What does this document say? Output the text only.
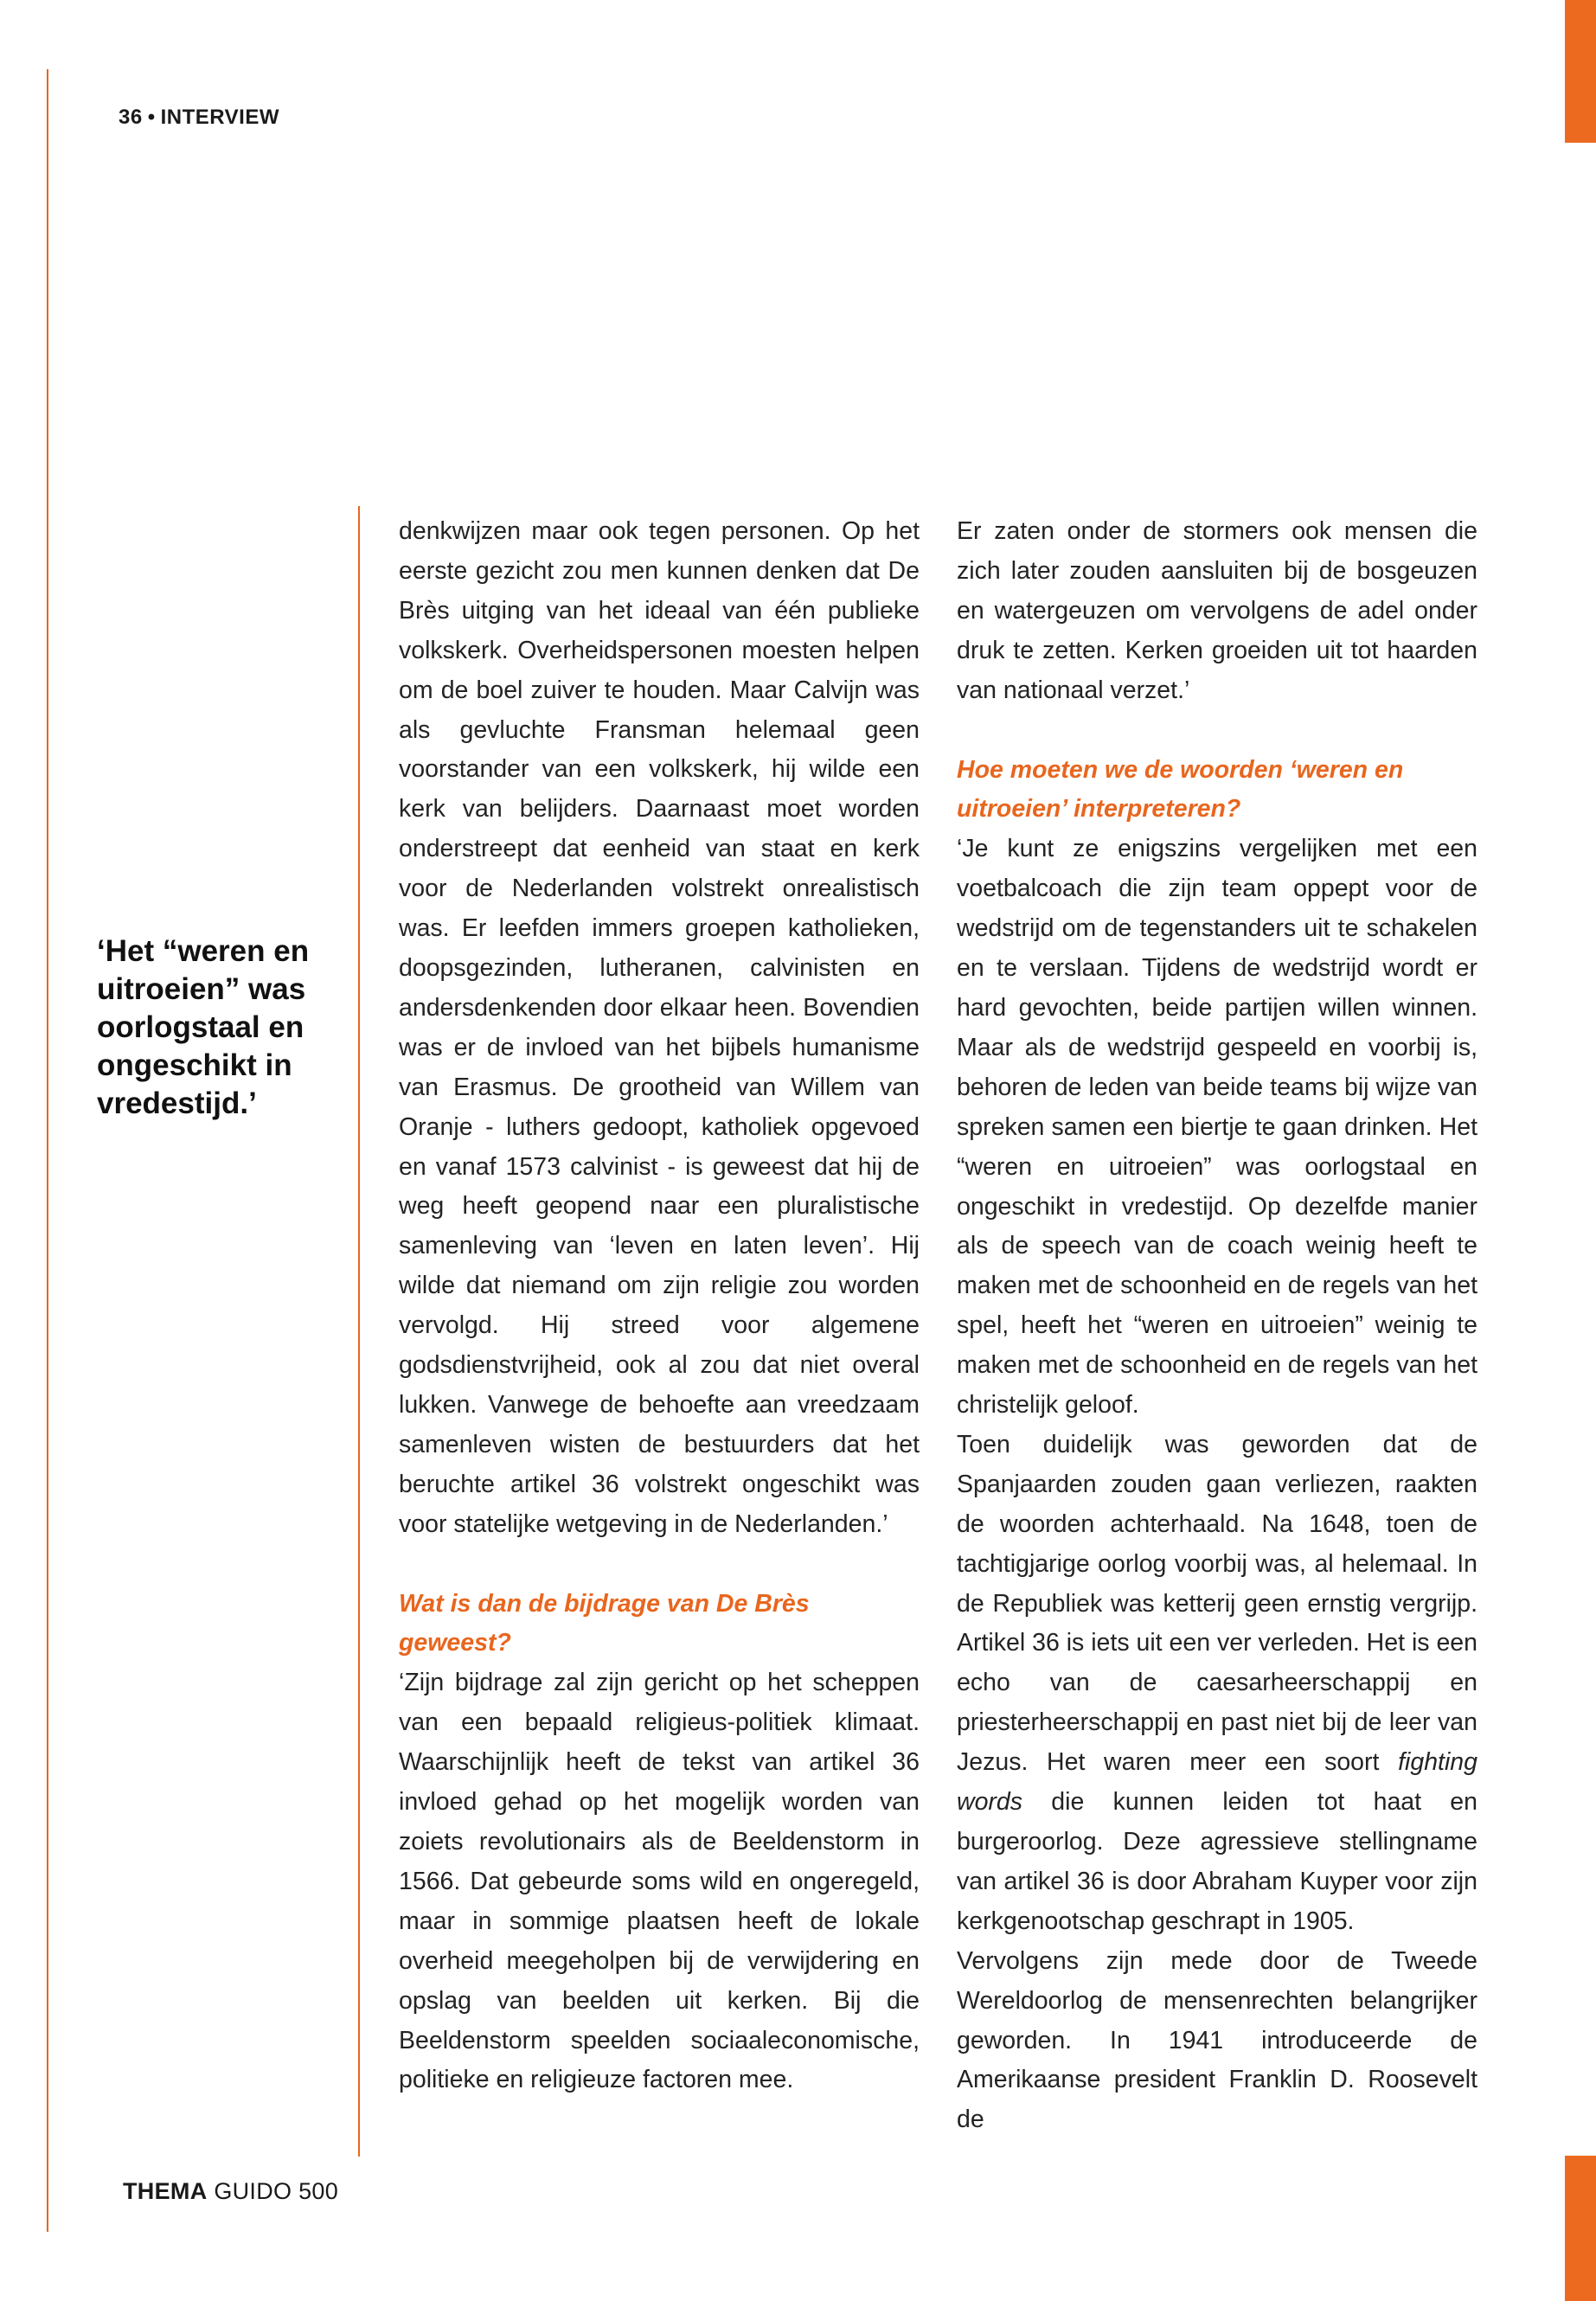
36 • INTERVIEW
‘Het “weren en uitroeien” was oorlogstaal en ongeschikt in vredestijd.’

denkwijzen maar ook tegen personen. Op het eerste gezicht zou men kunnen denken dat De Brès uitging van het ideaal van één publieke volkskerk. Overheidspersonen moesten helpen om de boel zuiver te houden. Maar Calvijn was als gevluchte Fransman helemaal geen voorstander van een volkskerk, hij wilde een kerk van belijders. Daarnaast moet worden onderstreept dat eenheid van staat en kerk voor de Nederlanden volstrekt onrealistisch was. Er leefden immers groepen katholieken, doopsgezinden, lutheranen, calvinisten en andersdenkenden door elkaar heen. Bovendien was er de invloed van het bijbels humanisme van Erasmus. De grootheid van Willem van Oranje - luthers gedoopt, katholiek opgevoed en vanaf 1573 calvinist - is geweest dat hij de weg heeft geopend naar een pluralistische samenleving van ‘leven en laten leven’. Hij wilde dat niemand om zijn religie zou worden vervolgd. Hij streed voor algemene godsdienstvrijheid, ook al zou dat niet overal lukken. Vanwege de behoefte aan vreedzaam samenleven wisten de bestuurders dat het beruchte artikel 36 volstrekt ongeschikt was voor statelijke wetgeving in de Nederlanden.’

Wat is dan de bijdrage van De Brès geweest?

‘Zijn bijdrage zal zijn gericht op het scheppen van een bepaald religieus-politiek klimaat. Waarschijnlijk heeft de tekst van artikel 36 invloed gehad op het mogelijk worden van zoiets revolutionairs als de Beeldenstorm in 1566. Dat gebeurde soms wild en ongeregeld, maar in sommige plaatsen heeft de lokale overheid meegeholpen bij de verwijdering en opslag van beelden uit kerken. Bij die Beeldenstorm speelden sociaaleconomische, politieke en religieuze factoren mee.

Er zaten onder de stormers ook mensen die zich later zouden aansluiten bij de bosgeuzen en watergeuzen om vervolgens de adel onder druk te zetten. Kerken groeiden uit tot haarden van nationaal verzet.’

Hoe moeten we de woorden ‘weren en uitroeien’ interpreteren?

‘Je kunt ze enigszins vergelijken met een voetbalcoach die zijn team oppept voor de wedstrijd om de tegenstanders uit te schakelen en te verslaan. Tijdens de wedstrijd wordt er hard gevochten, beide partijen willen winnen. Maar als de wedstrijd gespeeld en voorbij is, behoren de leden van beide teams bij wijze van spreken samen een biertje te gaan drinken. Het “weren en uitroeien” was oorlogstaal en ongeschikt in vredestijd. Op dezelfde manier als de speech van de coach weinig heeft te maken met de schoonheid en de regels van het spel, heeft het “weren en uitroeien” weinig te maken met de schoonheid en de regels van het christelijk geloof.

Toen duidelijk was geworden dat de Spanjaarden zouden gaan verliezen, raakten de woorden achterhaald. Na 1648, toen de tachtigjarige oorlog voorbij was, al helemaal. In de Republiek was ketterij geen ernstig vergrijp. Artikel 36 is iets uit een ver verleden. Het is een echo van de caesarheerschappij en priesterheerschappij en past niet bij de leer van Jezus. Het waren meer een soort fighting words die kunnen leiden tot haat en burgeroorlog. Deze agressieve stellingname van artikel 36 is door Abraham Kuyper voor zijn kerkgenootschap geschrapt in 1905.

Vervolgens zijn mede door de Tweede Wereldoorlog de mensenrechten belangrijker geworden. In 1941 introduceerde de Amerikaanse president Franklin D. Roosevelt de

THEMA GUIDO 500
